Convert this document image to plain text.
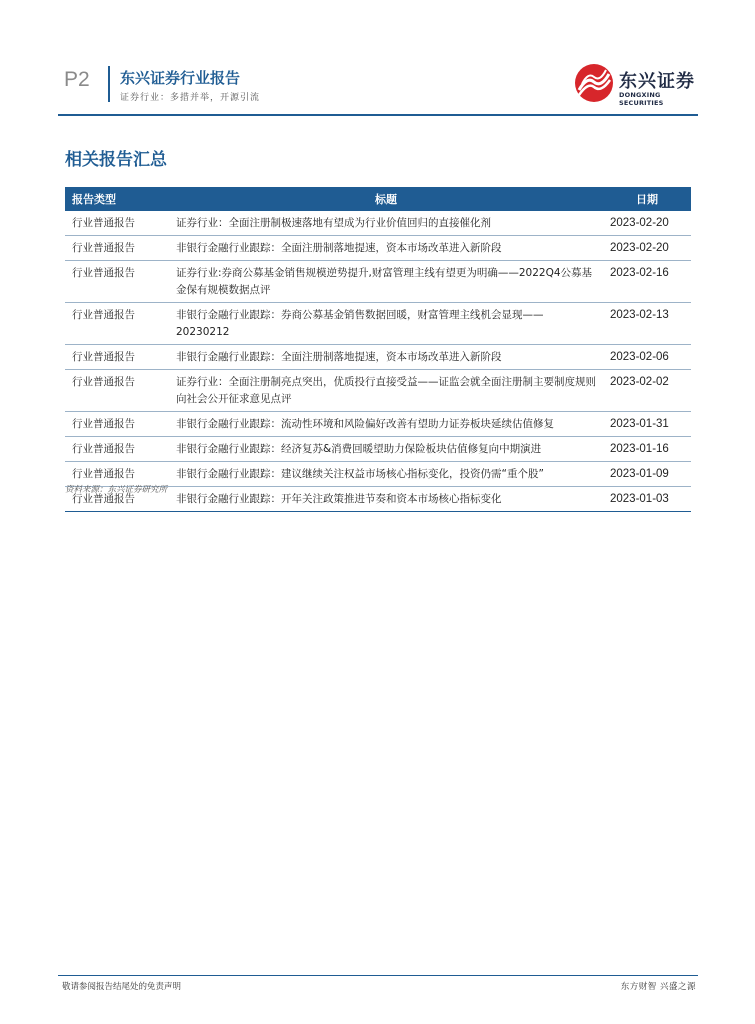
P2 东兴证券行业报告
证券行业：多措并举，开源引流
东兴证券
DONGXING SECURITIES
相关报告汇总
报告类型	标题	日期
行业普通报告	证券行业：全面注册制极速落地有望成为行业价值回归的直接催化剂	2023-02-20
行业普通报告	非银行金融行业跟踪：全面注册制落地提速，资本市场改革进入新阶段	2023-02-20
行业普通报告	证券行业:券商公募基金销售规模逆势提升,财富管理主线有望更为明确——2022Q4公募基金保有规模数据点评	2023-02-16
行业普通报告	非银行金融行业跟踪：券商公募基金销售数据回暖，财富管理主线机会显现——20230212	2023-02-13
行业普通报告	非银行金融行业跟踪：全面注册制落地提速，资本市场改革进入新阶段	2023-02-06
行业普通报告	证券行业：全面注册制亮点突出，优质投行直接受益——证监会就全面注册制主要制度规则向社会公开征求意见点评	2023-02-02
行业普通报告	非银行金融行业跟踪：流动性环境和风险偏好改善有望助力证券板块延续估值修复	2023-01-31
行业普通报告	非银行金融行业跟踪：经济复苏&消费回暖望助力保险板块估值修复向中期演进	2023-01-16
行业普通报告	非银行金融行业跟踪：建议继续关注权益市场核心指标变化，投资仍需“重个股”	2023-01-09
行业普通报告	非银行金融行业跟踪：开年关注政策推进节奏和资本市场核心指标变化	2023-01-03
资料来源：东兴证券研究所
敬请参阅报告结尾处的免责声明	东方财智 兴盛之源
